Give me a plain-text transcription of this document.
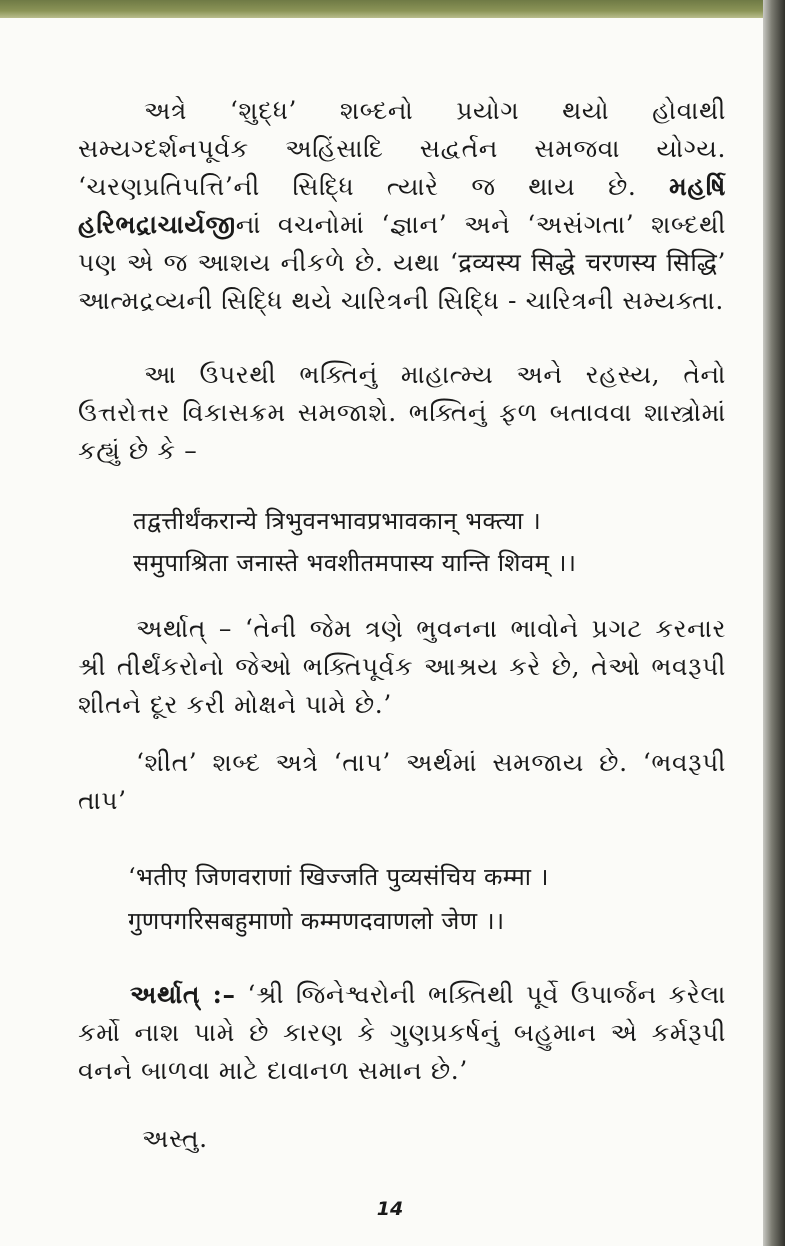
અત્રે ‘શુદ્ધ’ શબ્દનો પ્રયોગ થયો હોવાથી સમ્યગ્દર્શનપૂર્વક અહિંસાદિ સદ્વર્તન સમજવા યોગ્ય. ‘ચરણપ્રતિપત્તિ’ની સિદ્ધિ ત્યારે જ થાય છે. મહર્ષિ હરિભદ્રાચાર્યજીનાં વચનોમાં ‘જ્ઞાન’ અને ‘અસંગતા’ શબ્દથી પણ એ જ આશય નીકળે છે. યથા ‘द्रव्यस्य सिद्धे चरणस्य सिद्धि’ આત્મદ્રવ્યની સિદ્ધિ થયે ચારિત્રની સિદ્ધિ - ચારિત્રની સમ્યક્તા.

આ ઉપરથી ભક્તિનું માહાત્મ્ય અને રહસ્ય, તેનો ઉત્તરોત્તર વિકાસક્રમ સમજાશે. ભક્તિનું ફળ બતાવવા શાસ્ત્રોમાં કહ્યું છે કે –

तद्वत्तीर्थंकरान्ये त्रिभुवनभावप्रभावकान् भक्त्या ।

समुपाश्रिता जनास्ते भवशीतमपास्य यान्ति शिवम् ।।

અર્થાત્ – ‘તેની જેમ ત્રણે ભુવનના ભાવોને પ્રગટ કરનાર શ્રી તીર્થંકરોનો જેઓ ભક્તિપૂર્વક આશ્રય કરે છે, તેઓ ભવરૂપી શીતને દૂર કરી મોક્ષને પામે છે.’

‘શીત’ શબ્દ અત્રે ‘તાપ’ અર્થમાં સમજાય છે. ‘ભવરૂપી તાપ’

‘भतीए जिणवराणां खिज्जति पुव्यसंचिय कम्मा ।

गुणपगरिसबहुमाणो कम्मणदवाणलो जेण ।।

અર્થાત્ :– ‘શ્રી જિનેશ્વરોની ભક્તિથી પૂર્વે ઉપાર્જન કરેલા કર્મો નાશ પામે છે કારણ કે ગુણપ્રકર્ષનું બહુમાન એ કર્મરૂપી વનને બાળવા માટે દાવાનળ સમાન છે.’

અસ્તુ.

14
